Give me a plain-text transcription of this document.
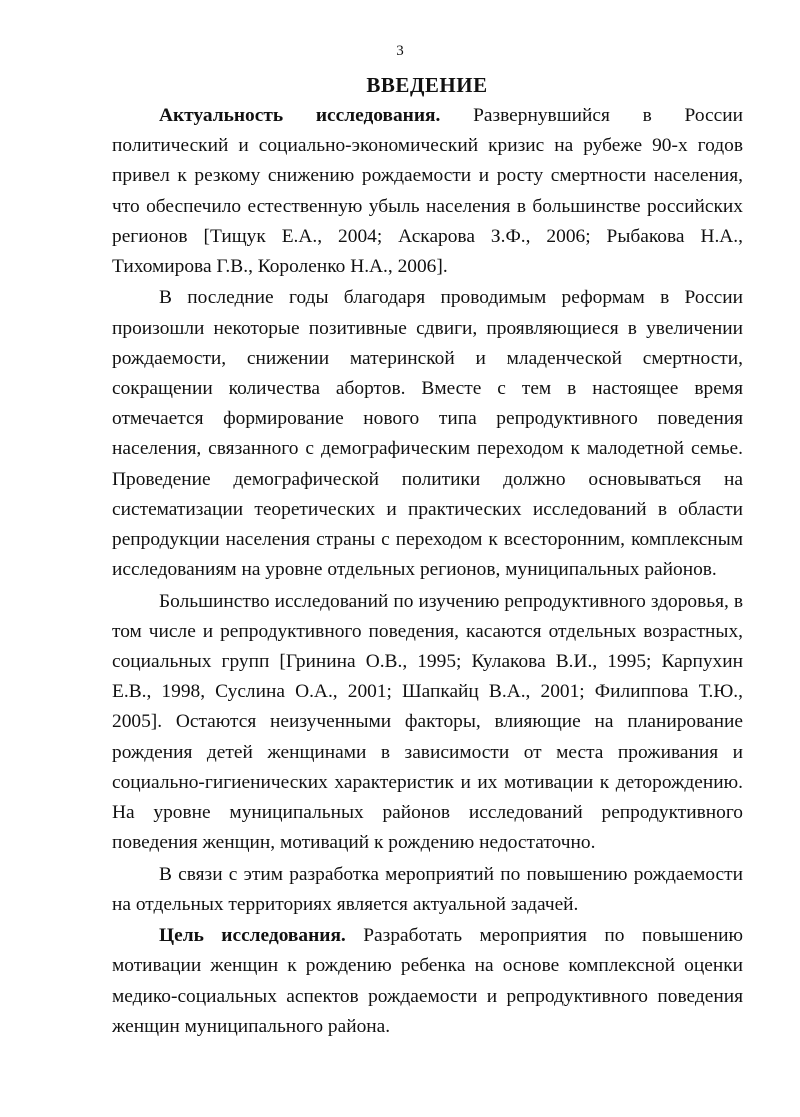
3
ВВЕДЕНИЕ

Актуальность исследования. Развернувшийся в России политический и социально-экономический кризис на рубеже 90-х годов привел к резкому снижению рождаемости и росту смертности населения, что обеспечило естественную убыль населения в большинстве российских регионов [Тищук Е.А., 2004; Аскарова З.Ф., 2006; Рыбакова Н.А., Тихомирова Г.В., Короленко Н.А., 2006].

В последние годы благодаря проводимым реформам в России произошли некоторые позитивные сдвиги, проявляющиеся в увеличении рождаемости, снижении материнской и младенческой смертности, сокращении количества абортов. Вместе с тем в настоящее время отмечается формирование нового типа репродуктивного поведения населения, связанного с демографическим переходом к малодетной семье. Проведение демографической политики должно основываться на систематизации теоретических и практических исследований в области репродукции населения страны с переходом к всесторонним, комплексным исследованиям на уровне отдельных регионов, муниципальных районов.

Большинство исследований по изучению репродуктивного здоровья, в том числе и репродуктивного поведения, касаются отдельных возрастных, социальных групп [Гринина О.В., 1995; Кулакова В.И., 1995; Карпухин Е.В., 1998, Суслина О.А., 2001; Шапкайц В.А., 2001; Филиппова Т.Ю., 2005]. Остаются неизученными факторы, влияющие на планирование рождения детей женщинами в зависимости от места проживания и социально-гигиенических характеристик и их мотивации к деторождению. На уровне муниципальных районов исследований репродуктивного поведения женщин, мотиваций к рождению недостаточно.

В связи с этим разработка мероприятий по повышению рождаемости на отдельных территориях является актуальной задачей.

Цель исследования. Разработать мероприятия по повышению мотивации женщин к рождению ребенка на основе комплексной оценки медико-социальных аспектов рождаемости и репродуктивного поведения женщин муниципального района.
